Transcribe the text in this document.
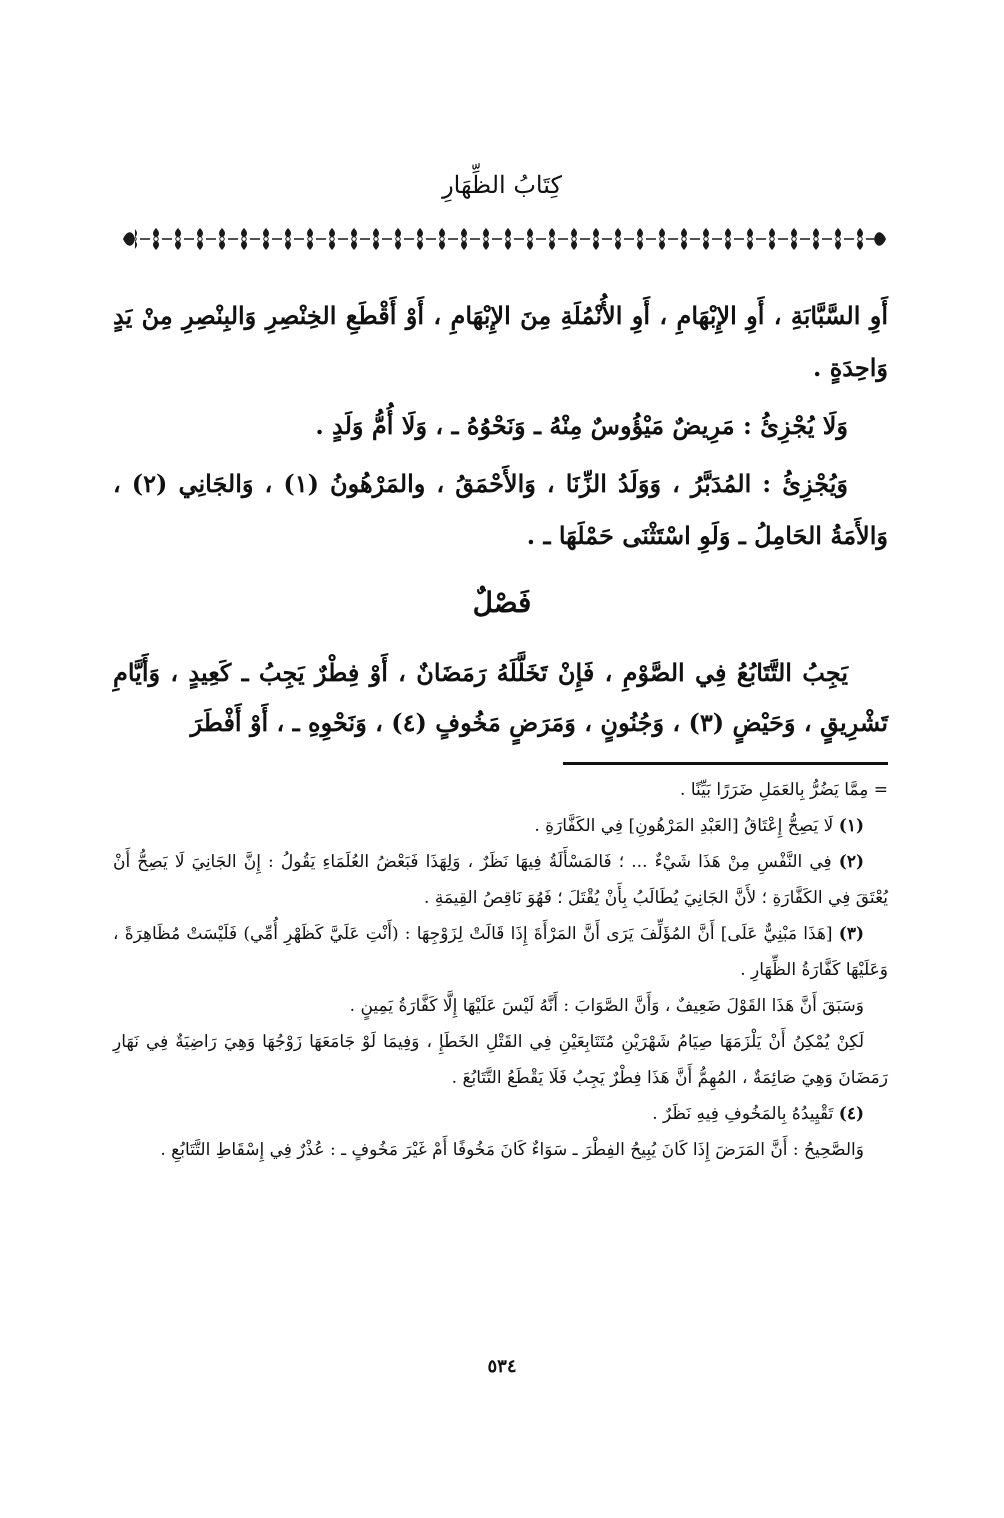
كِتَابُ الظِّهَارِ

أَوِ السَّبَّابَةِ ، أَوِ الإِبْهَامِ ، أَوِ الأُنْمُلَةِ مِنَ الإِبْهَامِ ، أَوْ أَقْطَعِ الخِنْصِرِ وَالبِنْصِرِ مِنْ يَدٍ وَاحِدَةٍ .

وَلَا يُجْزِئُ : مَرِيضٌ مَيْؤُوسٌ مِنْهُ ـ وَنَحْوُهُ ـ ، وَلَا أُمُّ وَلَدٍ .

وَيُجْزِئُ : المُدَبَّرُ ، وَوَلَدُ الزِّنَا ، وَالأَحْمَقُ ، والمَرْهُونُ (١) ، وَالجَانِي (٢) ، وَالأَمَةُ الحَامِلُ ـ وَلَوِ اسْتَثْنَى حَمْلَهَا ـ .

فَصْلٌ

يَجِبُ التَّتَابُعُ فِي الصَّوْمِ ، فَإِنْ تَخَلَّلَهُ رَمَضَانٌ ، أَوْ فِطْرٌ يَجِبُ ـ كَعِيدٍ ، وَأَيَّامِ تَشْرِيقٍ ، وَحَيْضٍ (٣) ، وَجُنُونٍ ، وَمَرَضٍ مَخُوفٍ (٤) ، وَنَحْوِهِ ـ ، أَوْ أَفْطَرَ

= مِمَّا يَضُرُّ بِالعَمَلِ ضَرَرًا بَيِّنًا .

(١) لَا يَصِحُّ إِعْتَاقُ [العَبْدِ المَرْهُونِ] فِي الكَفَّارَةِ .

(٢) فِي النَّفْسِ مِنْ هَذَا شَيْءٌ ... ؛ فَالمَسْأَلَةُ فِيهَا نَظَرٌ ، وَلِهَذَا فَبَعْضُ العُلَمَاءِ يَقُولُ : إِنَّ الجَانِيَ لَا يَصِحُّ أَنْ يُعْتَقَ فِي الكَفَّارَةِ ؛ لأَنَّ الجَانِيَ يُطَالَبُ بِأَنْ يُقْتَلَ ؛ فَهُوَ نَاقِصُ القِيمَةِ .

(٣) [هَذَا مَبْنِيٌّ عَلَى] أَنَّ المُؤَلِّفَ يَرَى أَنَّ المَرْأَةَ إِذَا قَالَتْ لِزَوْجِهَا : (أَنْتِ عَلَيَّ كَظَهْرِ أُمِّي) فَلَيْسَتْ مُظَاهِرَةً ، وَعَلَيْهَا كَفَّارَةُ الظِّهَارِ .

وَسَبَقَ أَنَّ هَذَا القَوْلَ ضَعِيفٌ ، وَأَنَّ الصَّوَابَ : أَنَّهُ لَيْسَ عَلَيْهَا إِلَّا كَفَّارَةُ يَمِينٍ .

لَكِنْ يُمْكِنُ أَنْ يَلْزَمَهَا صِيَامُ شَهْرَيْنِ مُتَتَابِعَيْنِ فِي القَتْلِ الخَطَإِ ، وَفِيمَا لَوْ جَامَعَهَا زَوْجُهَا وَهِيَ رَاضِيَةٌ فِي نَهَارِ رَمَضَانَ وَهِيَ صَائِمَةٌ ، المُهِمُّ أَنَّ هَذَا فِطْرٌ يَجِبُ فَلَا يَقْطَعُ التَّتَابُعَ .

(٤) تَقْيِيدُهُ بِالمَخُوفِ فِيهِ نَظَرٌ .

وَالصَّحِيحُ : أَنَّ المَرَضَ إِذَا كَانَ يُبِيحُ الفِطْرَ ـ سَوَاءٌ كَانَ مَخُوفًا أَمْ غَيْرَ مَخُوفٍ ـ : عُذْرٌ فِي إِسْقَاطِ التَّتَابُعِ .

٥٣٤
